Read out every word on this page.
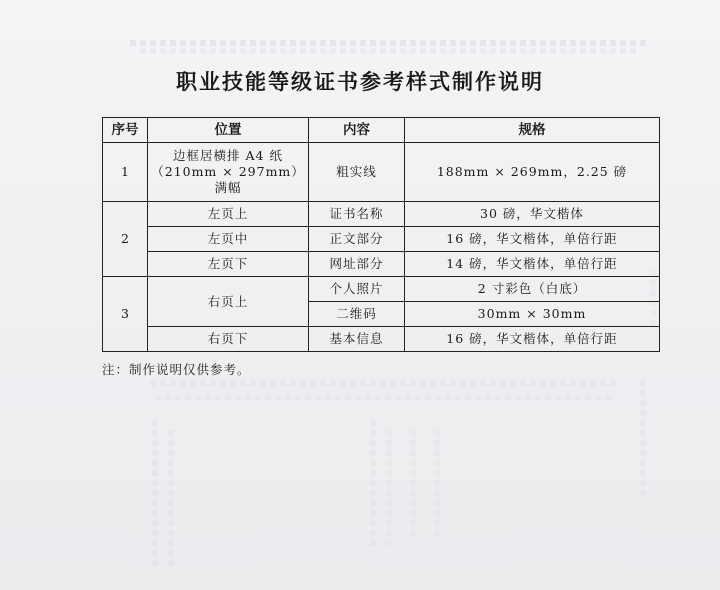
职业技能等级证书参考样式制作说明
序号	位置	内容	规格
1	边框居横排 A4 纸
（210mm × 297mm）
满幅	粗实线	188mm × 269mm，2.25 磅
2	左页上	证书名称	30 磅，华文楷体
	左页中	正文部分	16 磅，华文楷体，单倍行距
	左页下	网址部分	14 磅，华文楷体，单倍行距
3	右页上	个人照片	2 寸彩色（白底）
		二维码	30mm × 30mm
	右页下	基本信息	16 磅，华文楷体，单倍行距
注：制作说明仅供参考。
